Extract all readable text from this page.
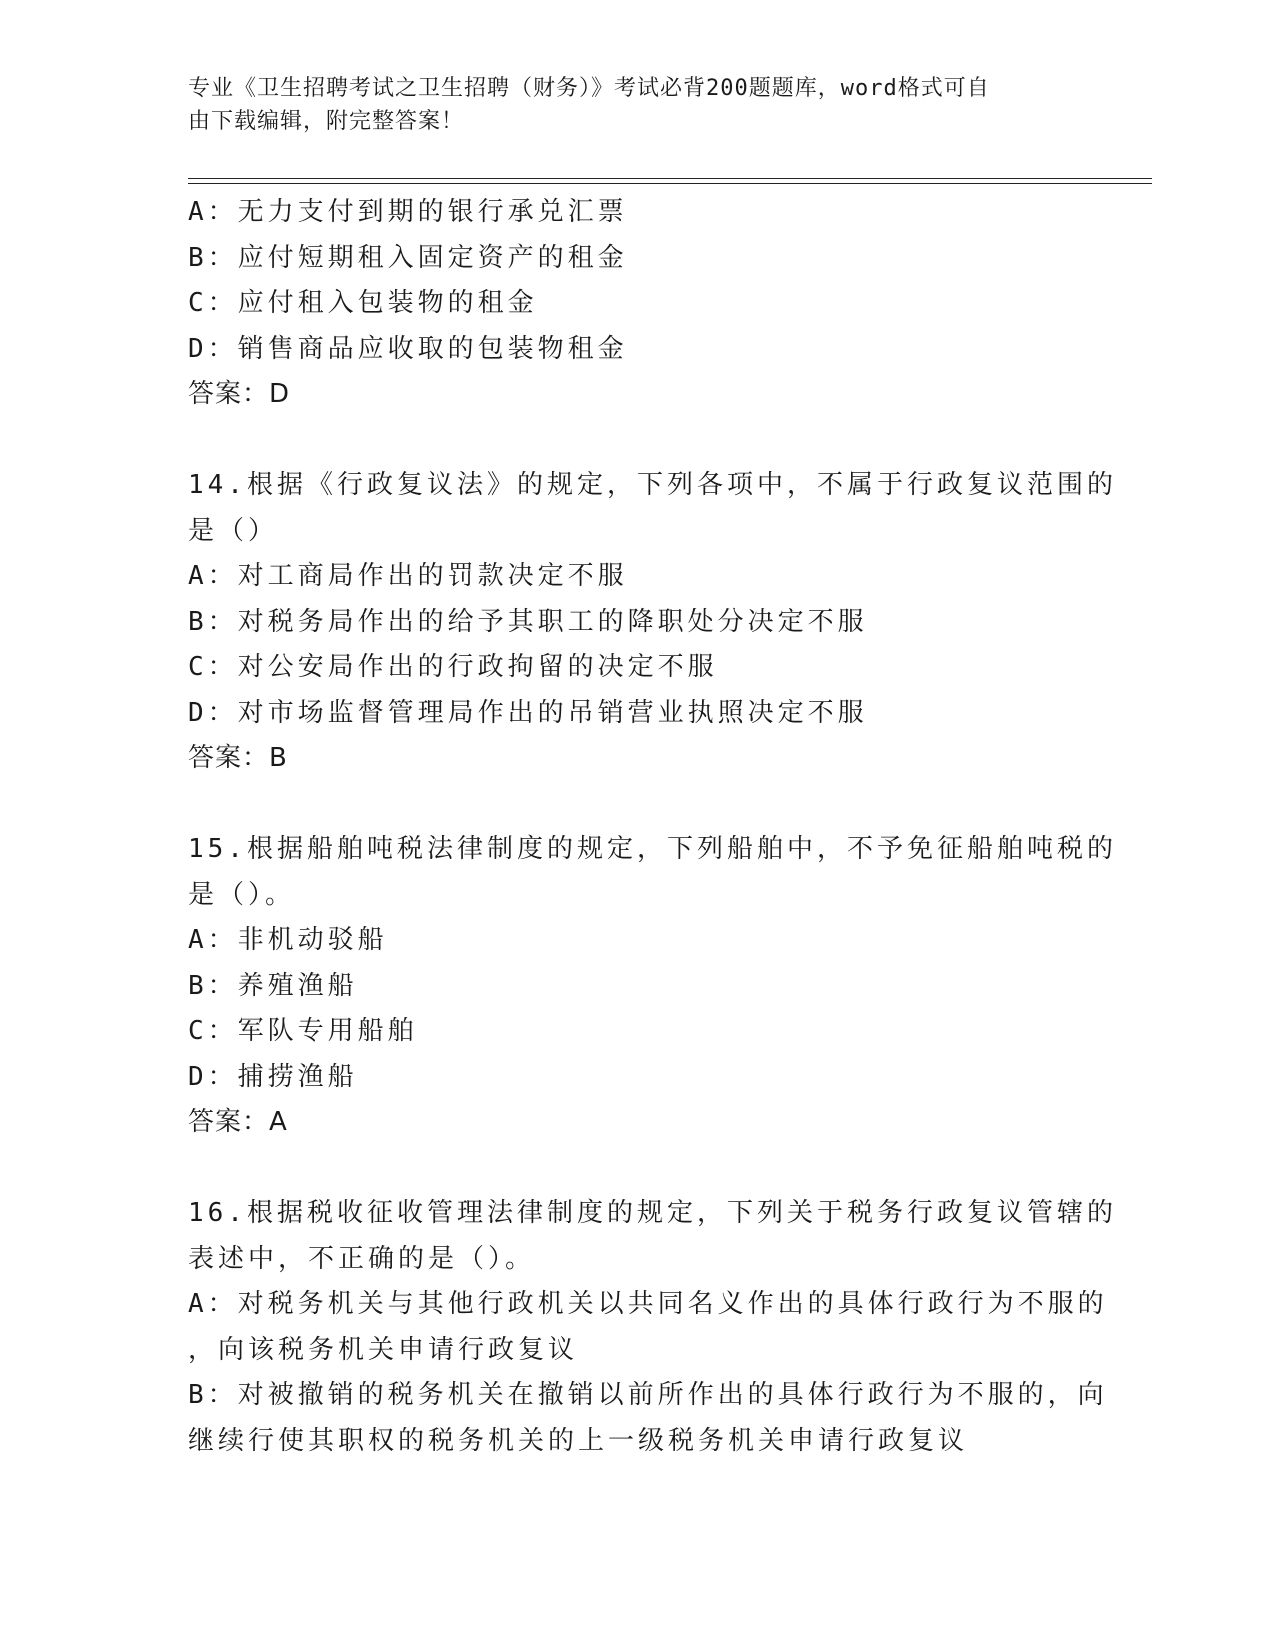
专业《卫生招聘考试之卫生招聘（财务）》考试必背200题题库，word格式可自
由下载编辑，附完整答案！
A：无力支付到期的银行承兑汇票
B：应付短期租入固定资产的租金
C：应付租入包装物的租金
D：销售商品应收取的包装物租金
答案：D
14.根据《行政复议法》的规定，下列各项中，不属于行政复议范围的
是（）
A：对工商局作出的罚款决定不服
B：对税务局作出的给予其职工的降职处分决定不服
C：对公安局作出的行政拘留的决定不服
D：对市场监督管理局作出的吊销营业执照决定不服
答案：B
15.根据船舶吨税法律制度的规定，下列船舶中，不予免征船舶吨税的
是（）。
A：非机动驳船
B：养殖渔船
C：军队专用船舶
D：捕捞渔船
答案：A
16.根据税收征收管理法律制度的规定，下列关于税务行政复议管辖的
表述中，不正确的是（）。
A：对税务机关与其他行政机关以共同名义作出的具体行政行为不服的
，向该税务机关申请行政复议
B：对被撤销的税务机关在撤销以前所作出的具体行政行为不服的，向
继续行使其职权的税务机关的上一级税务机关申请行政复议
